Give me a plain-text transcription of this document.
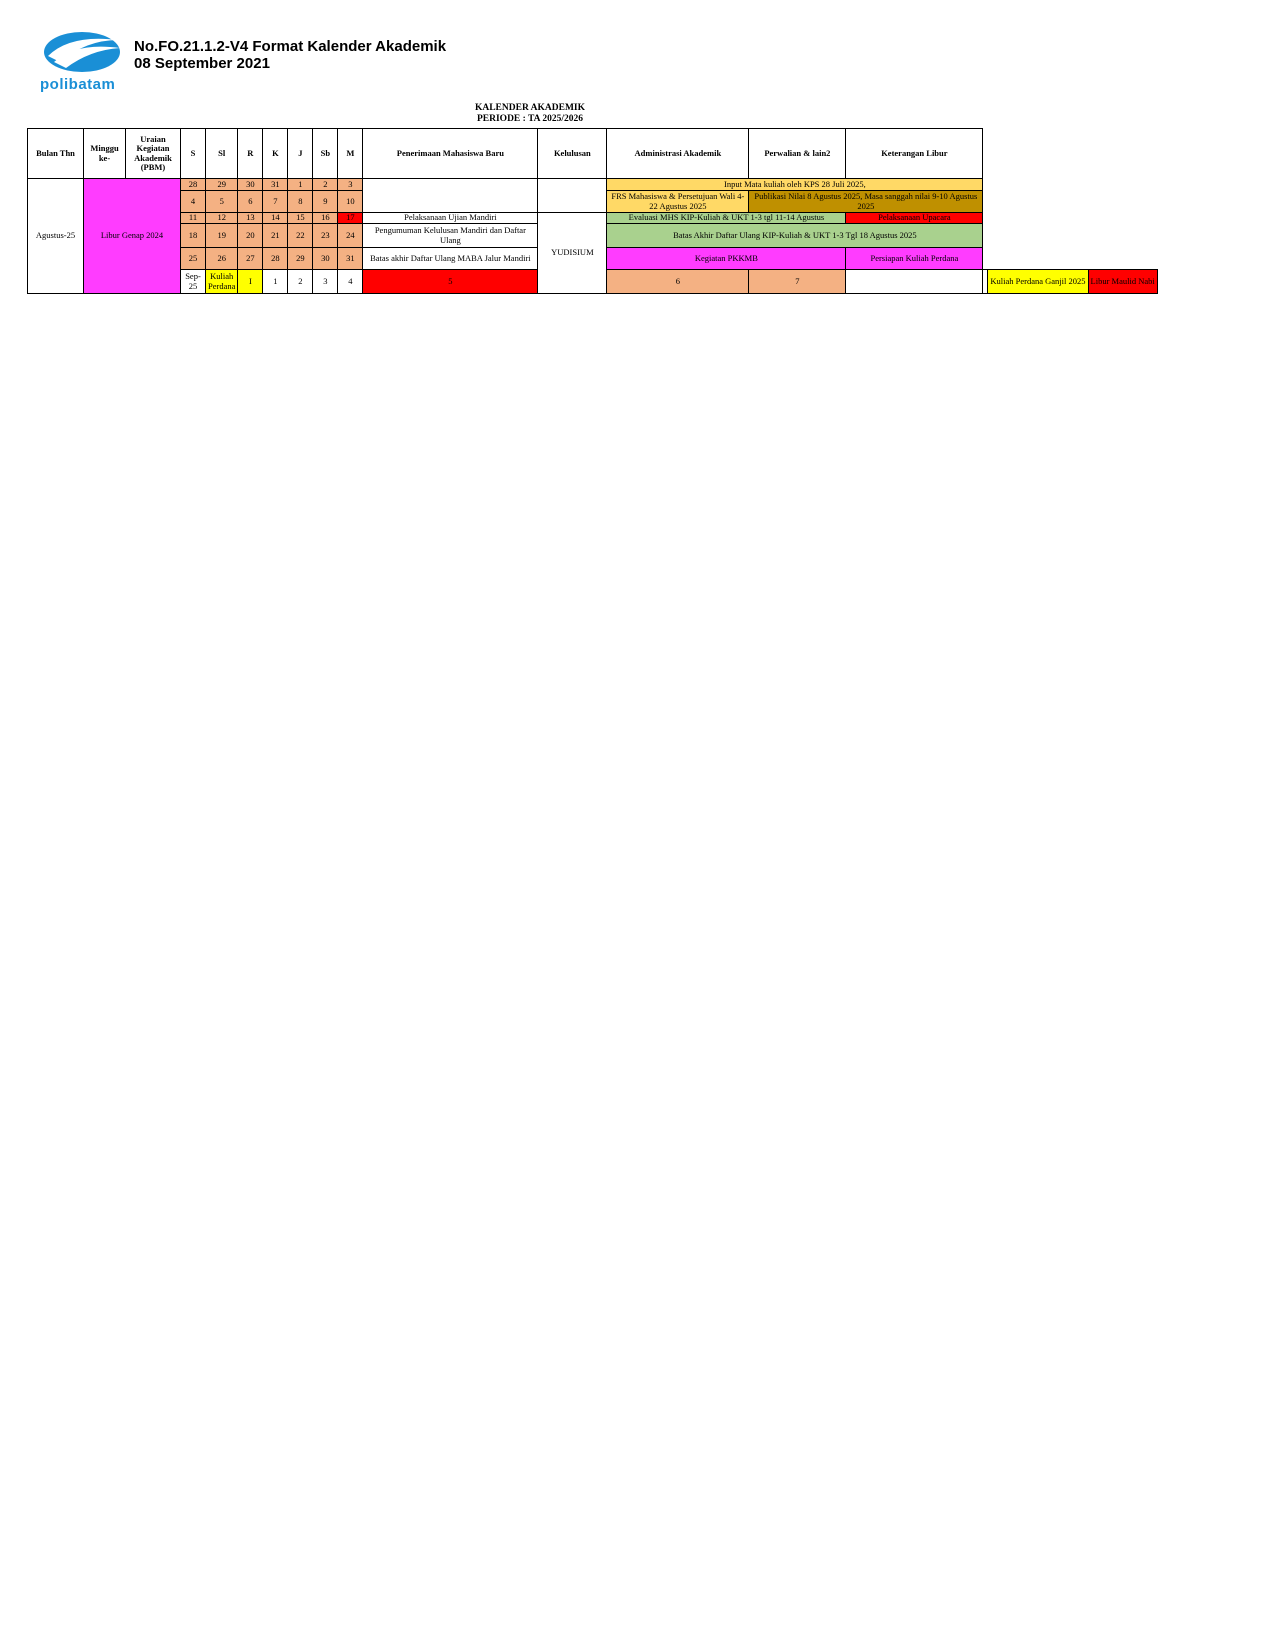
polibatam
No.FO.21.1.2-V4 Format Kalender Akademik
08 September 2021
KALENDER AKADEMIK
PERIODE : TA 2025/2026
Bulan Thn	Minggu ke-	Uraian Kegiatan Akademik (PBM)	S	Sl	R	K	J	Sb	M	Penerimaan Mahasiswa Baru	Kelulusan	Administrasi Akademik	Perwalian & lain2	Keterangan Libur			
Agustus-25	Libur Genap 2024		28	29	30	31	1	2	3			Input Mata kuliah oleh KPS 28 Juli 2025,					
			4	5	6	7	8	9	10			FRS Mahasiswa & Persetujuan Wali 4-22 Agustus 2025	Publikasi Nilai 8 Agustus 2025, Masa sanggah nilai 9-10 Agustus 2025				
			11	12	13	14	15	16	17	Pelaksanaan Ujian Mandiri	YUDISIUM	Evaluasi MHS KIP-Kuliah & UKT 1-3 tgl 11-14 Agustus		Pelaksanaan Upacara			
			18	19	20	21	22	23	24	Pengumuman Kelulusan Mandiri dan Daftar Ulang		Batas Akhir Daftar Ulang KIP-Kuliah & UKT 1-3 Tgl 18 Agustus 2025					
			25	26	27	28	29	30	31	Batas akhir Daftar Ulang MABA Jalur Mandiri		Kegiatan PKKMB		Persiapan Kuliah Perdana			
			Sep-25	Kuliah Perdana	I	1	2	3	4	5		6	7			Kuliah Perdana Ganjil 2025	Libur Maulid Nabi
